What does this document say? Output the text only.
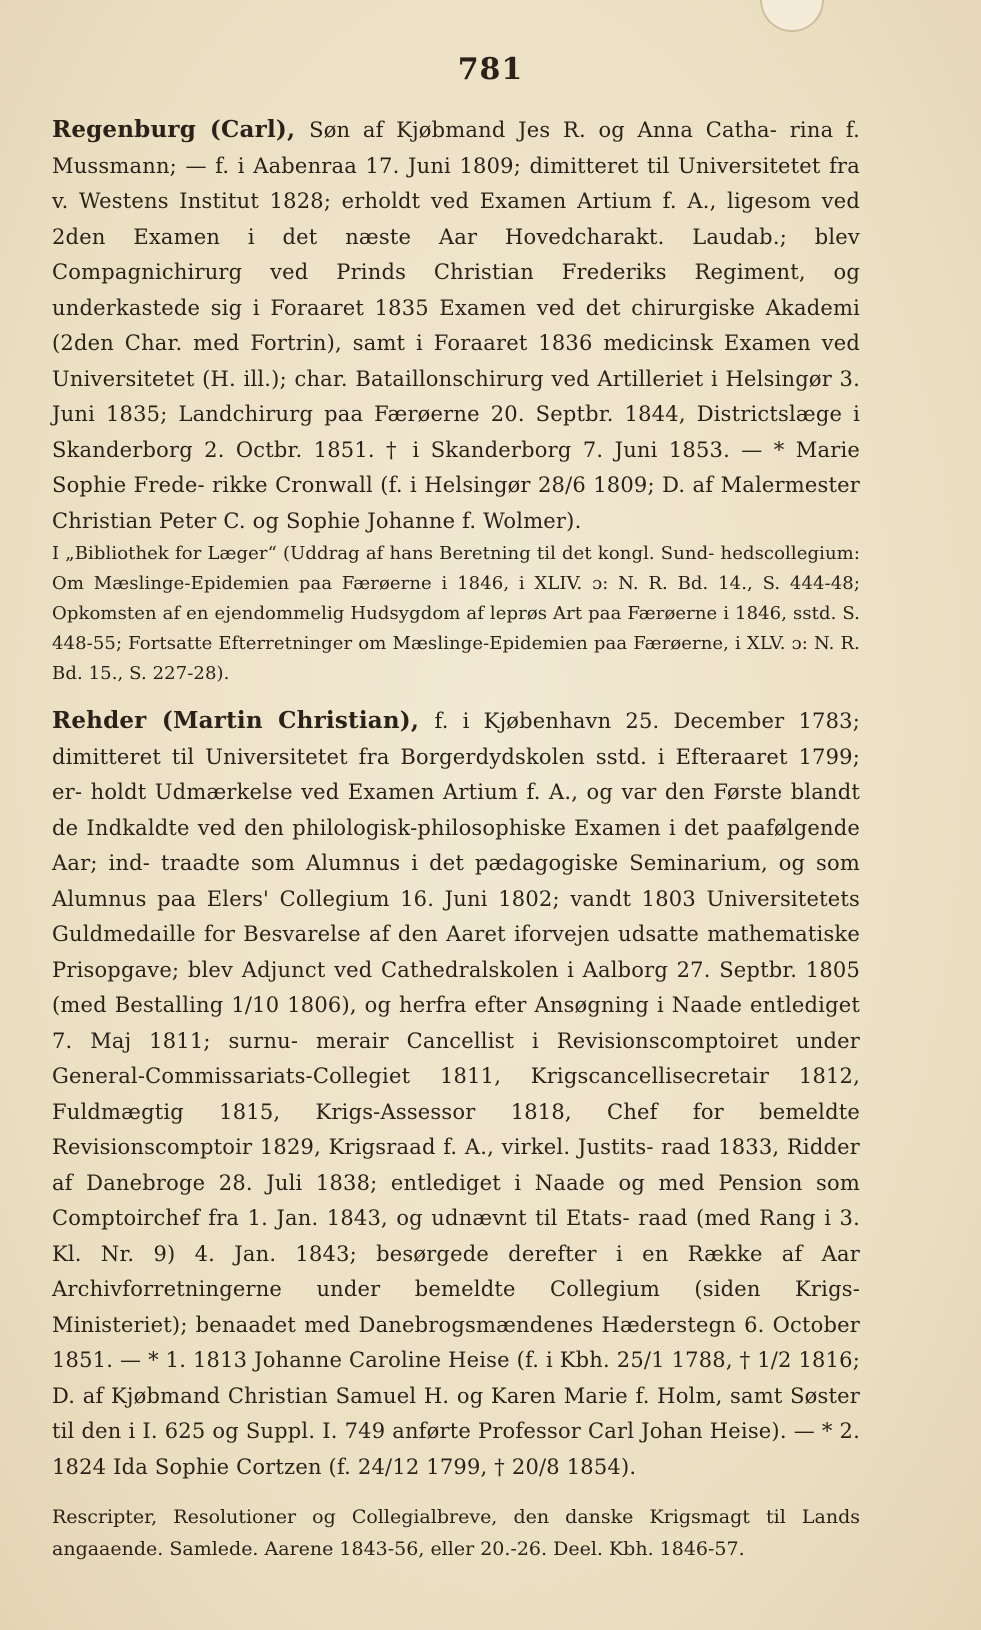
781

Regenburg (Carl), Søn af Kjøbmand Jes R. og Anna Catha- rina f. Mussmann; — f. i Aabenraa 17. Juni 1809; dimitteret til Universitetet fra v. Westens Institut 1828; erholdt ved Examen Artium f. A., ligesom ved 2den Examen i det næste Aar Hovedcharakt. Laudab.; blev Compagnichirurg ved Prinds Christian Frederiks Regiment, og underkastede sig i Foraaret 1835 Examen ved det chirurgiske Akademi (2den Char. med Fortrin), samt i Foraaret 1836 medicinsk Examen ved Universitetet (H. ill.); char. Bataillonschirurg ved Artilleriet i Helsingør 3. Juni 1835; Landchirurg paa Færøerne 20. Septbr. 1844, Districtslæge i Skanderborg 2. Octbr. 1851. † i Skanderborg 7. Juni 1853. — * Marie Sophie Frede- rikke Cronwall (f. i Helsingør 28/6 1809; D. af Malermester Christian Peter C. og Sophie Johanne f. Wolmer).

I „Bibliothek for Læger“ (Uddrag af hans Beretning til det kongl. Sund- hedscollegium: Om Mæslinge-Epidemien paa Færøerne i 1846, i XLIV. ɔ: N. R. Bd. 14., S. 444-48; Opkomsten af en ejendommelig Hudsygdom af leprøs Art paa Færøerne i 1846, sstd. S. 448-55; Fortsatte Efterretninger om Mæslinge-Epidemien paa Færøerne, i XLV. ɔ: N. R. Bd. 15., S. 227-28).

Rehder (Martin Christian), f. i Kjøbenhavn 25. December 1783; dimitteret til Universitetet fra Borgerdydskolen sstd. i Efteraaret 1799; er- holdt Udmærkelse ved Examen Artium f. A., og var den Første blandt de Indkaldte ved den philologisk-philosophiske Examen i det paafølgende Aar; ind- traadte som Alumnus i det pædagogiske Seminarium, og som Alumnus paa Elers' Collegium 16. Juni 1802; vandt 1803 Universitetets Guldmedaille for Besvarelse af den Aaret iforvejen udsatte mathematiske Prisopgave; blev Adjunct ved Cathedralskolen i Aalborg 27. Septbr. 1805 (med Bestalling 1/10 1806), og herfra efter Ansøgning i Naade entlediget 7. Maj 1811; surnu- merair Cancellist i Revisionscomptoiret under General-Commissariats-Collegiet 1811, Krigscancellisecretair 1812, Fuldmægtig 1815, Krigs-Assessor 1818, Chef for bemeldte Revisionscomptoir 1829, Krigsraad f. A., virkel. Justits- raad 1833, Ridder af Danebroge 28. Juli 1838; entlediget i Naade og med Pension som Comptoirchef fra 1. Jan. 1843, og udnævnt til Etats- raad (med Rang i 3. Kl. Nr. 9) 4. Jan. 1843; besørgede derefter i en Række af Aar Archivforretningerne under bemeldte Collegium (siden Krigs- Ministeriet); benaadet med Danebrogsmændenes Hæderstegn 6. October 1851. — * 1. 1813 Johanne Caroline Heise (f. i Kbh. 25/1 1788, † 1/2 1816; D. af Kjøbmand Christian Samuel H. og Karen Marie f. Holm, samt Søster til den i I. 625 og Suppl. I. 749 anførte Professor Carl Johan Heise). — * 2. 1824 Ida Sophie Cortzen (f. 24/12 1799, † 20/8 1854).

Rescripter, Resolutioner og Collegialbreve, den danske Krigsmagt til Lands angaaende. Samlede. Aarene 1843-56, eller 20.-26. Deel. Kbh. 1846-57.
